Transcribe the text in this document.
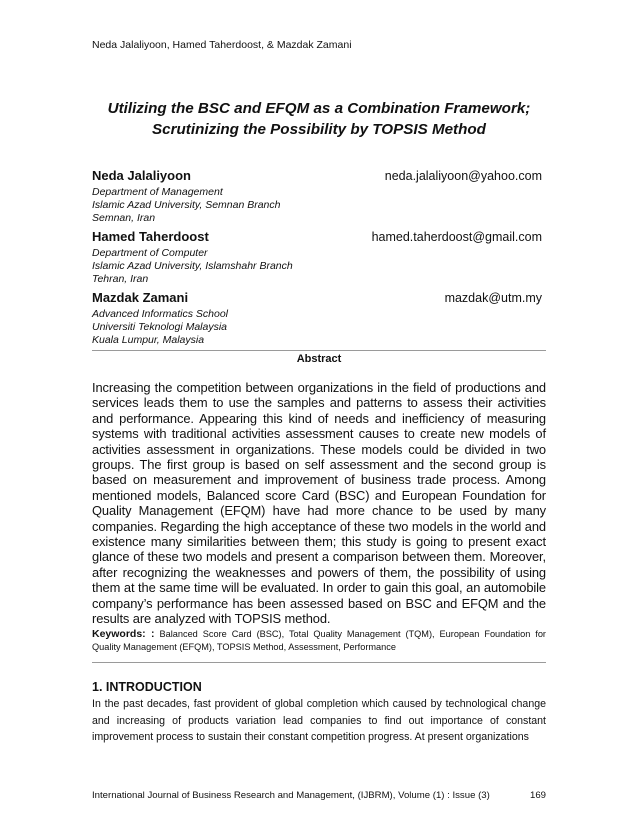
Neda Jalaliyoon, Hamed Taherdoost, & Mazdak Zamani
Utilizing the BSC and EFQM as a Combination Framework;
Scrutinizing the Possibility by TOPSIS Method
Neda Jalaliyoon	neda.jalaliyoon@yahoo.com
Department of Management
Islamic Azad University, Semnan Branch
Semnan, Iran
Hamed Taherdoost	hamed.taherdoost@gmail.com
Department of Computer
Islamic Azad University, Islamshahr Branch
Tehran, Iran
Mazdak Zamani	mazdak@utm.my
Advanced Informatics School
Universiti Teknologi Malaysia
Kuala Lumpur, Malaysia
Abstract
Increasing the competition between organizations in the field of productions and services leads them to use the samples and patterns to assess their activities and performance. Appearing this kind of needs and inefficiency of measuring systems with traditional activities assessment causes to create new models of activities assessment in organizations. These models could be divided in two groups. The first group is based on self assessment and the second group is based on measurement and improvement of business trade process. Among mentioned models, Balanced score Card (BSC) and European Foundation for Quality Management (EFQM) have had more chance to be used by many companies. Regarding the high acceptance of these two models in the world and existence many similarities between them; this study is going to present exact glance of these two models and present a comparison between them. Moreover, after recognizing the weaknesses and powers of them, the possibility of using them at the same time will be evaluated. In order to gain this goal, an automobile company’s performance has been assessed based on BSC and EFQM and the results are analyzed with TOPSIS method.
Keywords: : Balanced Score Card (BSC), Total Quality Management (TQM), European Foundation for Quality Management (EFQM), TOPSIS Method, Assessment, Performance
1. INTRODUCTION
In the past decades, fast provident of global completion which caused by technological change and increasing of products variation lead companies to find out importance of constant improvement process to sustain their constant competition progress. At present organizations
International Journal of Business Research and Management, (IJBRM), Volume (1) : Issue (3)	169
